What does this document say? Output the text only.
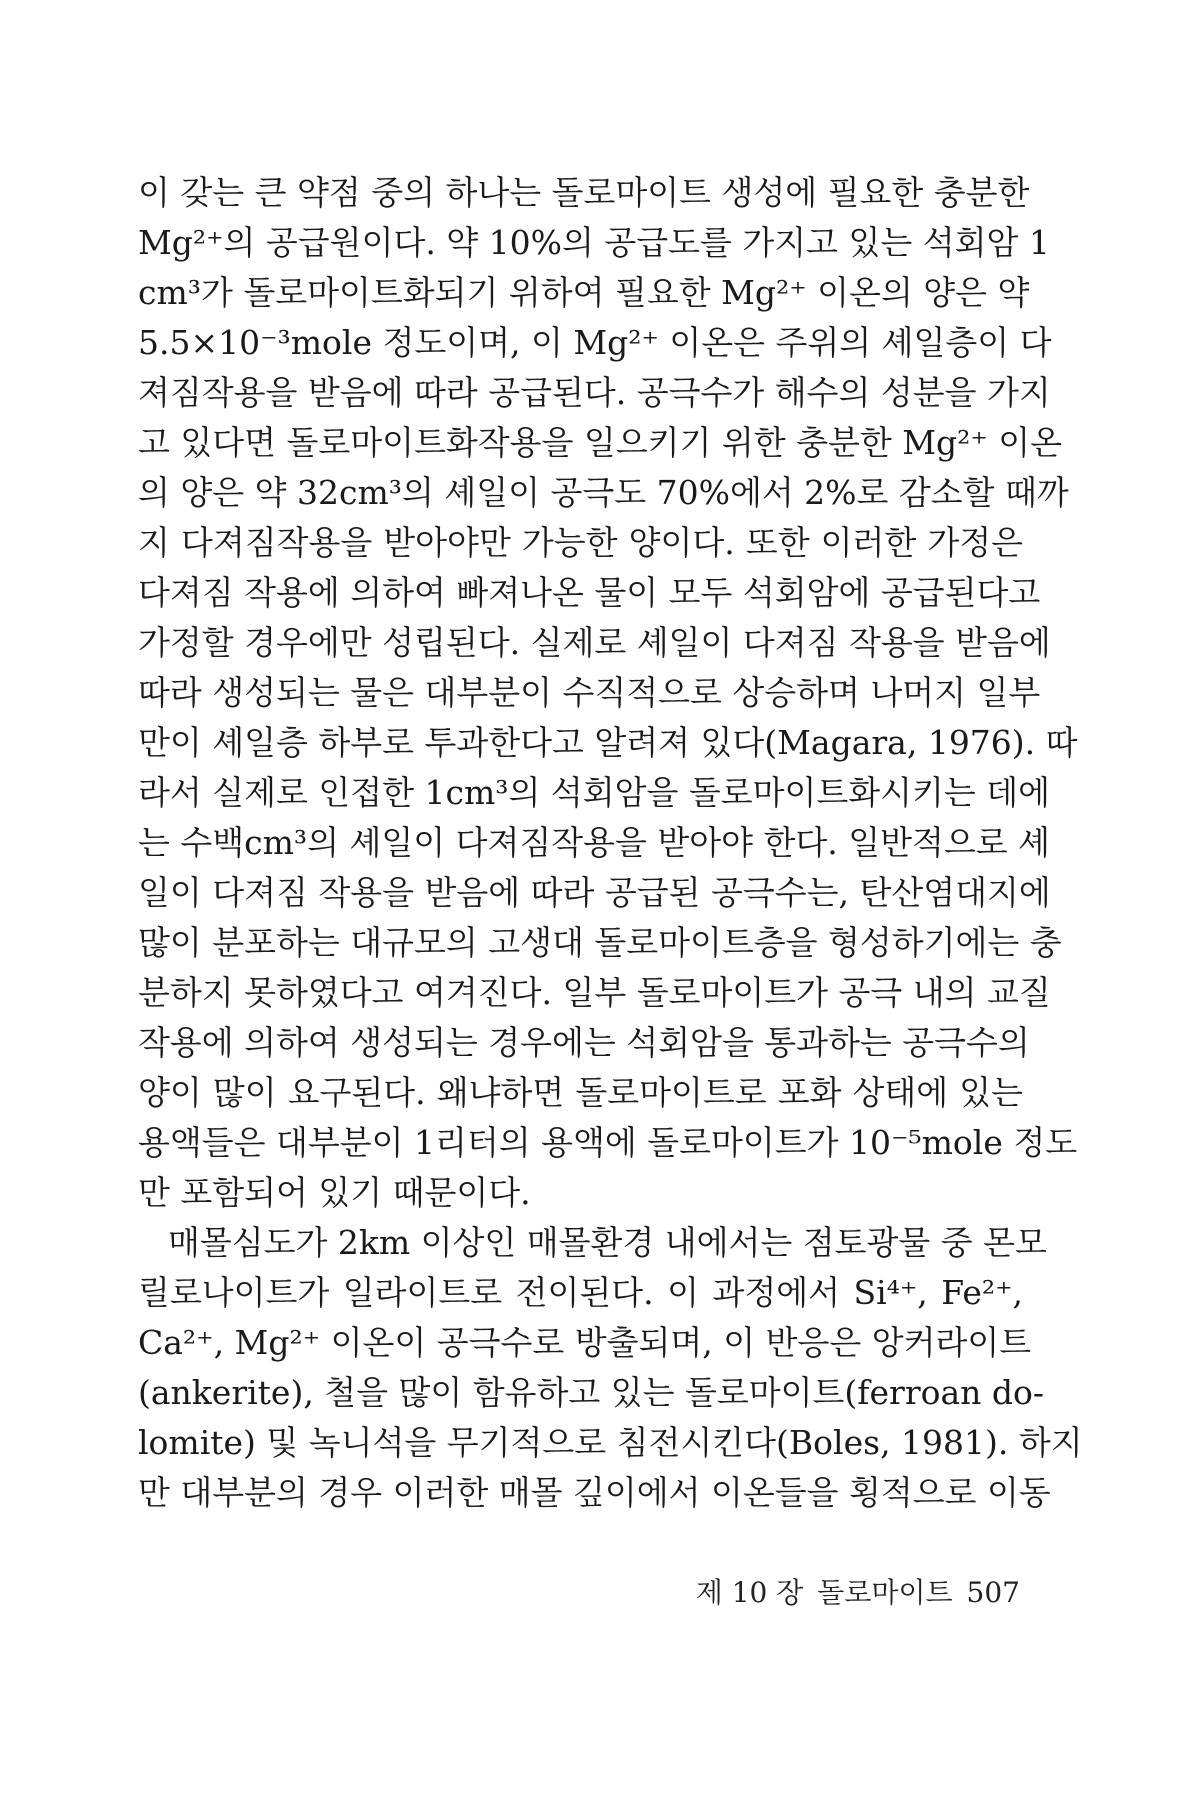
이 갖는 큰 약점 중의 하나는 돌로마이트 생성에 필요한 충분한
Mg²⁺의 공급원이다. 약 10%의 공급도를 가지고 있는 석회암 1
cm³가 돌로마이트화되기 위하여 필요한 Mg²⁺ 이온의 양은 약
5.5×10⁻³mole 정도이며, 이 Mg²⁺ 이온은 주위의 셰일층이 다
져짐작용을 받음에 따라 공급된다. 공극수가 해수의 성분을 가지
고 있다면 돌로마이트화작용을 일으키기 위한 충분한 Mg²⁺ 이온
의 양은 약 32cm³의 셰일이 공극도 70%에서 2%로 감소할 때까
지 다져짐작용을 받아야만 가능한 양이다. 또한 이러한 가정은
다져짐 작용에 의하여 빠져나온 물이 모두 석회암에 공급된다고
가정할 경우에만 성립된다. 실제로 셰일이 다져짐 작용을 받음에
따라 생성되는 물은 대부분이 수직적으로 상승하며 나머지 일부
만이 셰일층 하부로 투과한다고 알려져 있다(Magara, 1976). 따
라서 실제로 인접한 1cm³의 석회암을 돌로마이트화시키는 데에
는 수백cm³의 셰일이 다져짐작용을 받아야 한다. 일반적으로 셰
일이 다져짐 작용을 받음에 따라 공급된 공극수는, 탄산염대지에
많이 분포하는 대규모의 고생대 돌로마이트층을 형성하기에는 충
분하지 못하였다고 여겨진다. 일부 돌로마이트가 공극 내의 교질
작용에 의하여 생성되는 경우에는 석회암을 통과하는 공극수의
양이 많이 요구된다. 왜냐하면 돌로마이트로 포화 상태에 있는
용액들은 대부분이 1리터의 용액에 돌로마이트가 10⁻⁵mole 정도
만 포함되어 있기 때문이다.
매몰심도가 2km 이상인 매몰환경 내에서는 점토광물 중 몬모
릴로나이트가 일라이트로 전이된다. 이 과정에서 Si⁴⁺, Fe²⁺,
Ca²⁺, Mg²⁺ 이온이 공극수로 방출되며, 이 반응은 앙커라이트
(ankerite), 철을 많이 함유하고 있는 돌로마이트(ferroan do-
lomite) 및 녹니석을 무기적으로 침전시킨다(Boles, 1981). 하지
만 대부분의 경우 이러한 매몰 깊이에서 이온들을 횡적으로 이동
제 10 장 돌로마이트 507
